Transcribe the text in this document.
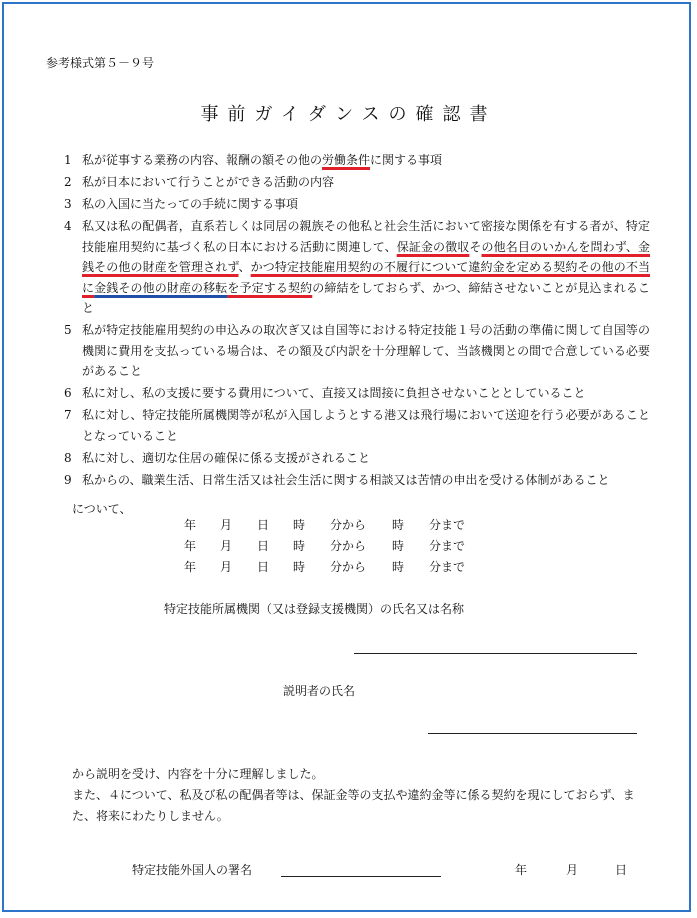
参考様式第５－９号
事前ガイダンスの確認書
1 私が従事する業務の内容、報酬の額その他の労働条件に関する事項
2 私が日本において行うことができる活動の内容
3 私の入国に当たっての手続に関する事項
4 私又は私の配偶者，直系若しくは同居の親族その他私と社会生活において密接な関係を有する者が、特定技能雇用契約に基づく私の日本における活動に関連して、保証金の徴収その他名目のいかんを問わず、金銭その他の財産を管理されず、かつ特定技能雇用契約の不履行について違約金を定める契約その他の不当に金銭その他の財産の移転を予定する契約の締結をしておらず、かつ、締結させないことが見込まれること
5 私が特定技能雇用契約の申込みの取次ぎ又は自国等における特定技能１号の活動の準備に関して自国等の機関に費用を支払っている場合は、その額及び内訳を十分理解して、当該機関との間で合意している必要があること
6 私に対し、私の支援に要する費用について、直接又は間接に負担させないこととしていること
7 私に対し、特定技能所属機関等が私が入国しようとする港又は飛行場において送迎を行う必要があることとなっていること
8 私に対し、適切な住居の確保に係る支援がされること
9 私からの、職業生活、日常生活又は社会生活に関する相談又は苦情の申出を受ける体制があること
について、
年 月 日 時 分から 時 分まで
年 月 日 時 分から 時 分まで
年 月 日 時 分から 時 分まで
特定技能所属機関（又は登録支援機関）の氏名又は名称
説明者の氏名
から説明を受け、内容を十分に理解しました。
また、４について、私及び私の配偶者等は、保証金等の支払や違約金等に係る契約を現にしておらず、また、将来にわたりしません。
特定技能外国人の署名	年	月	日
